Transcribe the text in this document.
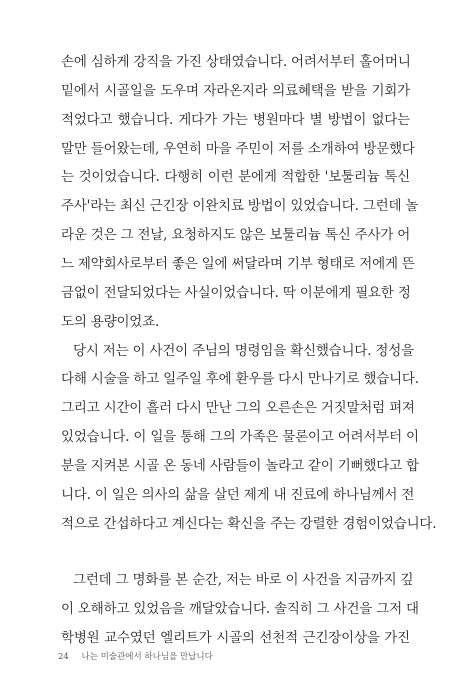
손에 심하게 강직을 가진 상태였습니다. 어려서부터 홀어머니
밑에서 시골일을 도우며 자라온지라 의료혜택을 받을 기회가
적었다고 했습니다. 게다가 가는 병원마다 별 방법이 없다는
말만 들어왔는데, 우연히 마을 주민이 저를 소개하여 방문했다
는 것이었습니다. 다행히 이런 분에게 적합한 '보툴리늄 톡신
주사'라는 최신 근긴장 이완치료 방법이 있었습니다. 그런데 놀
라운 것은 그 전날, 요청하지도 않은 보툴리늄 톡신 주사가 어
느 제약회사로부터 좋은 일에 써달라며 기부 형태로 저에게 뜬
금없이 전달되었다는 사실이었습니다. 딱 이분에게 필요한 정
도의 용량이었죠.
당시 저는 이 사건이 주님의 명령임을 확신했습니다. 정성을
다해 시술을 하고 일주일 후에 환우를 다시 만나기로 했습니다.
그리고 시간이 흘러 다시 만난 그의 오른손은 거짓말처럼 펴져
있었습니다. 이 일을 통해 그의 가족은 물론이고 어려서부터 이
분을 지켜본 시골 온 동네 사람들이 놀라고 같이 기뻐했다고 합
니다. 이 일은 의사의 삶을 살던 제게 내 진료에 하나님께서 전
적으로 간섭하다고 계신다는 확신을 주는 강렬한 경험이었습니다.
그런데 그 명화를 본 순간, 저는 바로 이 사건을 지금까지 깊
이 오해하고 있었음을 깨달았습니다. 솔직히 그 사건을 그저 대
학병원 교수였던 엘리트가 시골의 선천적 근긴장이상을 가진
24 나는 미술관에서 하나님을 만납니다
